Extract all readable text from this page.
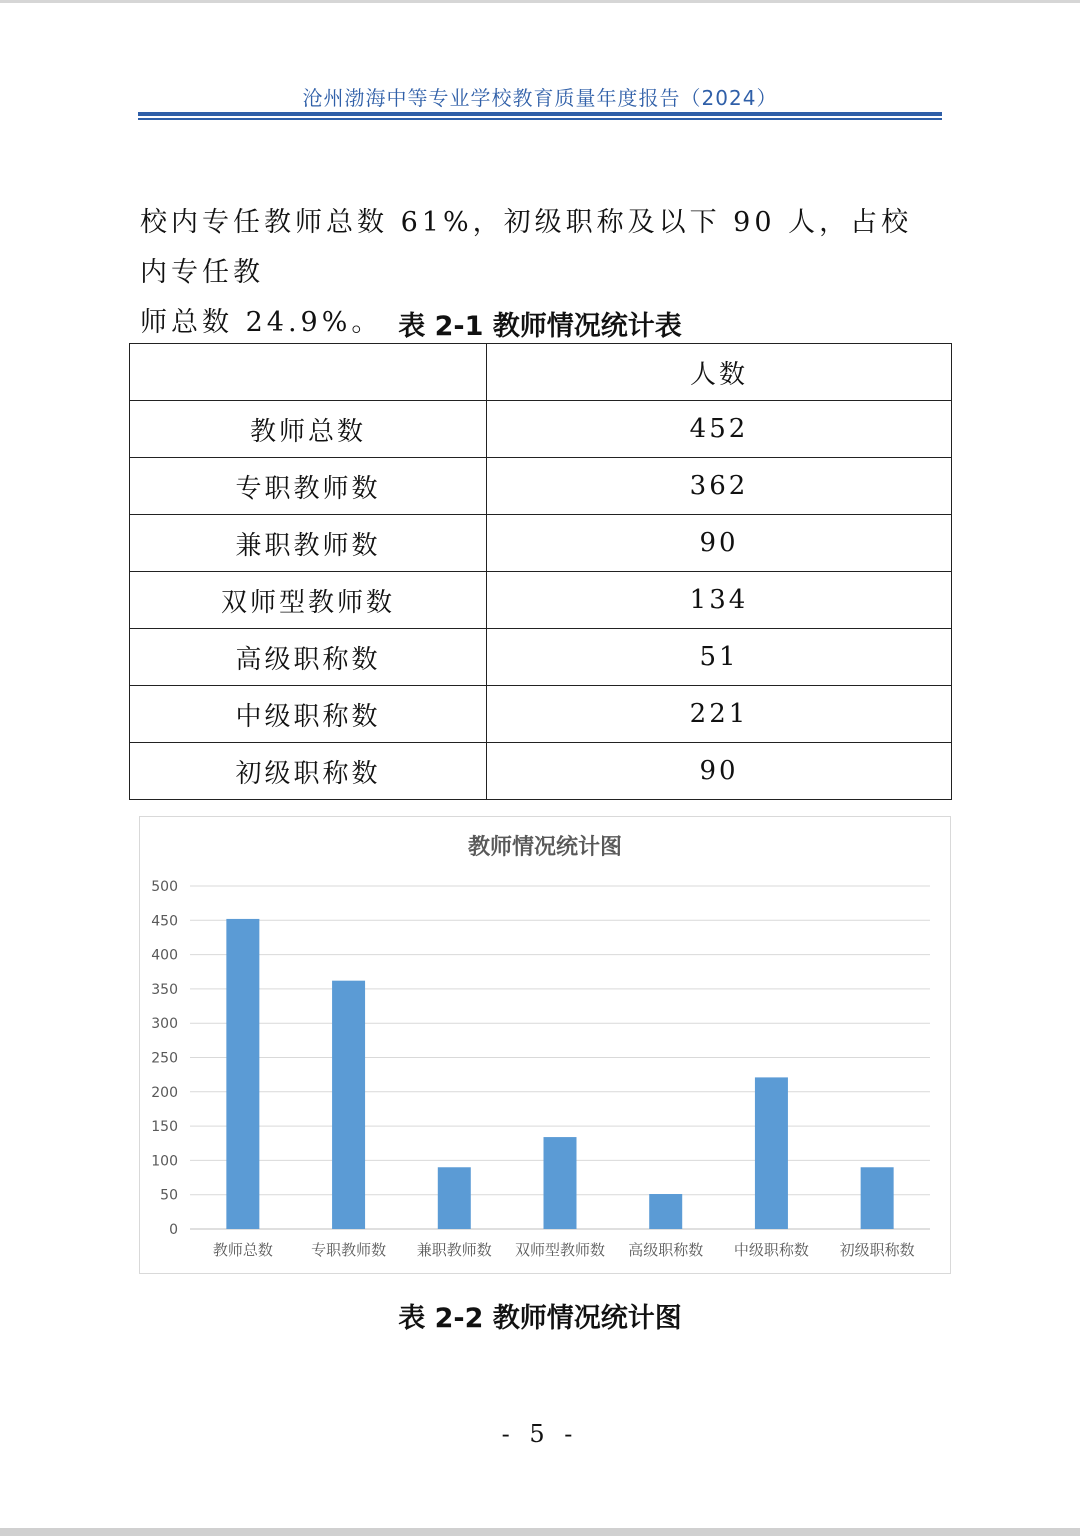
沧州渤海中等专业学校教育质量年度报告（2024）

校内专任教师总数 61%，初级职称及以下 90 人，占校内专任教

师总数 24.9%。 表 2-1 教师情况统计表
	人数
教师总数	452
专职教师数	362
兼职教师数	90
双师型教师数	134
高级职称数	51
中级职称数	221
初级职称数	90
教师情况统计图
0
50
100
150
200
250
300
350
400
450
500
教师总数	专职教师数 兼职教师数 双师型教师数 高级职称数 中级职称数 初级职称数
表 2-2 教师情况统计图
- 5 -
